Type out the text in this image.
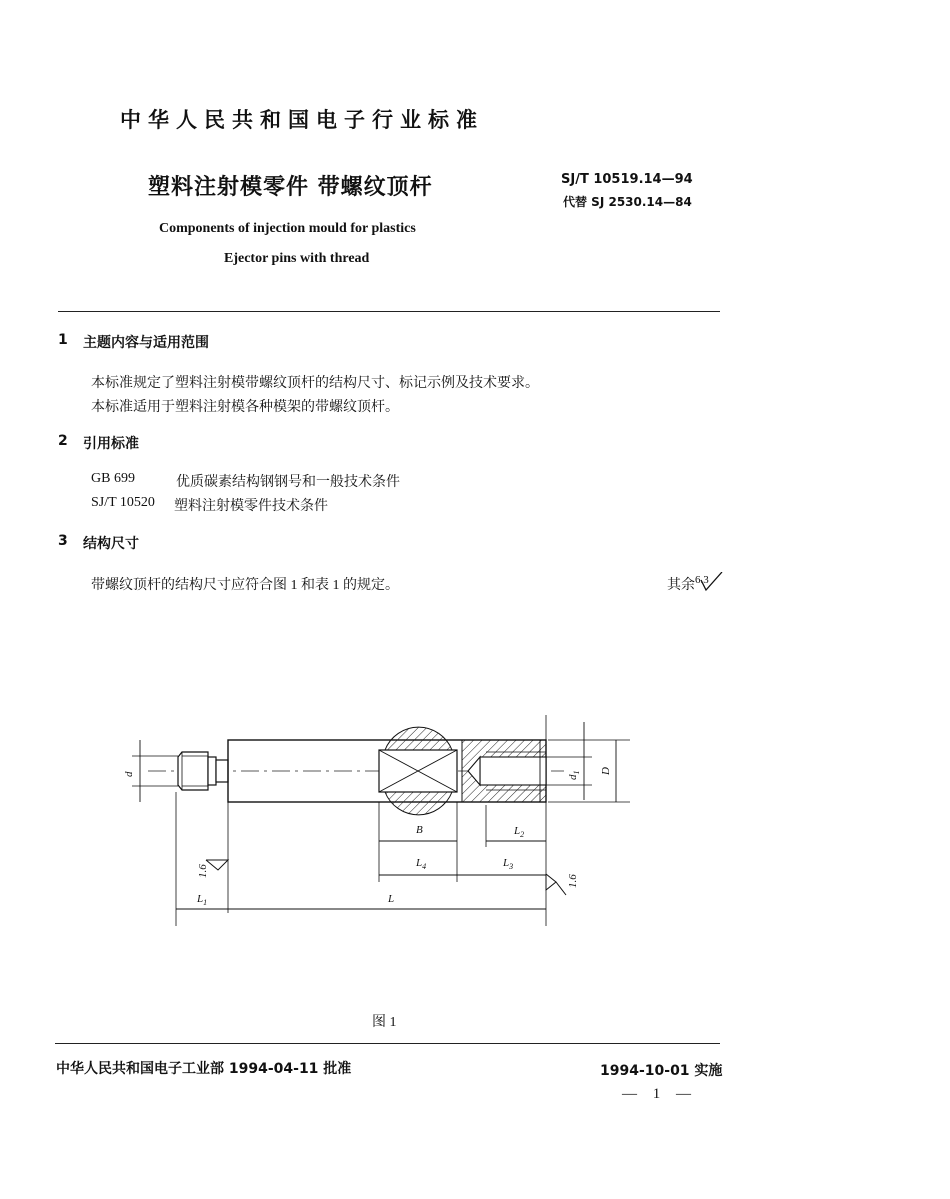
中华人民共和国电子行业标准
塑料注射模零件 带螺纹顶杆	SJ/T 10519.14—94
代替 SJ 2530.14—84
Components of injection mould for plastics
Ejector pins with thread
1 主题内容与适用范围
本标准规定了塑料注射模带螺纹顶杆的结构尺寸、标记示例及技术要求。
本标准适用于塑料注射模各种模架的带螺纹顶杆。
2 引用标准
GB 699	优质碳素结构钢钢号和一般技术条件
SJ/T 10520 塑料注射模零件技术条件
3 结构尺寸
带螺纹顶杆的结构尺寸应符合图 1 和表 1 的规定。	其余$^{6.3}$
d
$d_1$ D
B	$L_2$
$L_4$	$L_3$
$L_1$	L
1.6
1.6
图 1
中华人民共和国电子工业部 1994-04-11 批准	1994-10-01 实施
— 1 —
